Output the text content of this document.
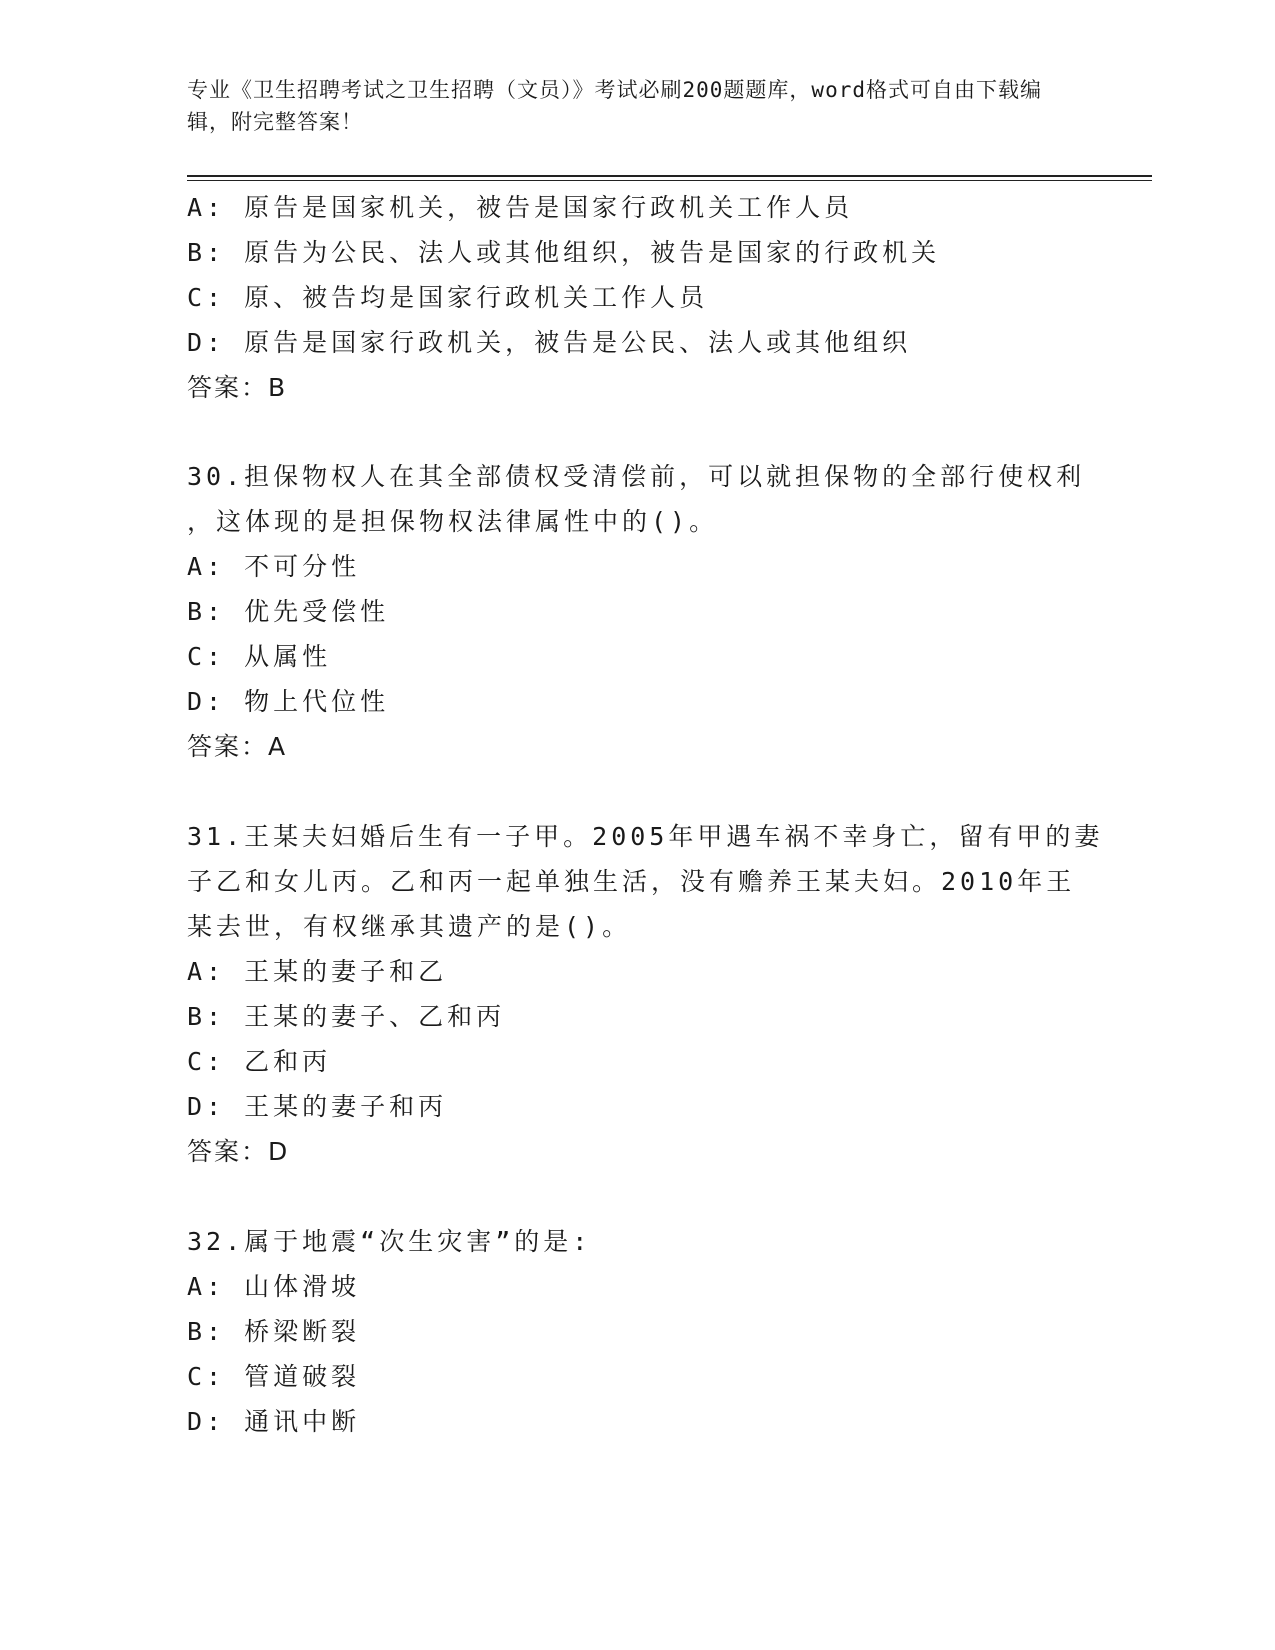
专业《卫生招聘考试之卫生招聘（文员）》考试必刷200题题库，word格式可自由下载编辑，附完整答案！
A: 原告是国家机关，被告是国家行政机关工作人员
B: 原告为公民、法人或其他组织，被告是国家的行政机关
C: 原、被告均是国家行政机关工作人员
D: 原告是国家行政机关，被告是公民、法人或其他组织
答案：B
30.担保物权人在其全部债权受清偿前，可以就担保物的全部行使权利
，这体现的是担保物权法律属性中的()。
A: 不可分性
B: 优先受偿性
C: 从属性
D: 物上代位性
答案：A
31.王某夫妇婚后生有一子甲。2005年甲遇车祸不幸身亡，留有甲的妻
子乙和女儿丙。乙和丙一起单独生活，没有赡养王某夫妇。2010年王
某去世，有权继承其遗产的是()。
A: 王某的妻子和乙
B: 王某的妻子、乙和丙
C: 乙和丙
D: 王某的妻子和丙
答案：D
32.属于地震“次生灾害”的是:
A: 山体滑坡
B: 桥梁断裂
C: 管道破裂
D: 通讯中断
